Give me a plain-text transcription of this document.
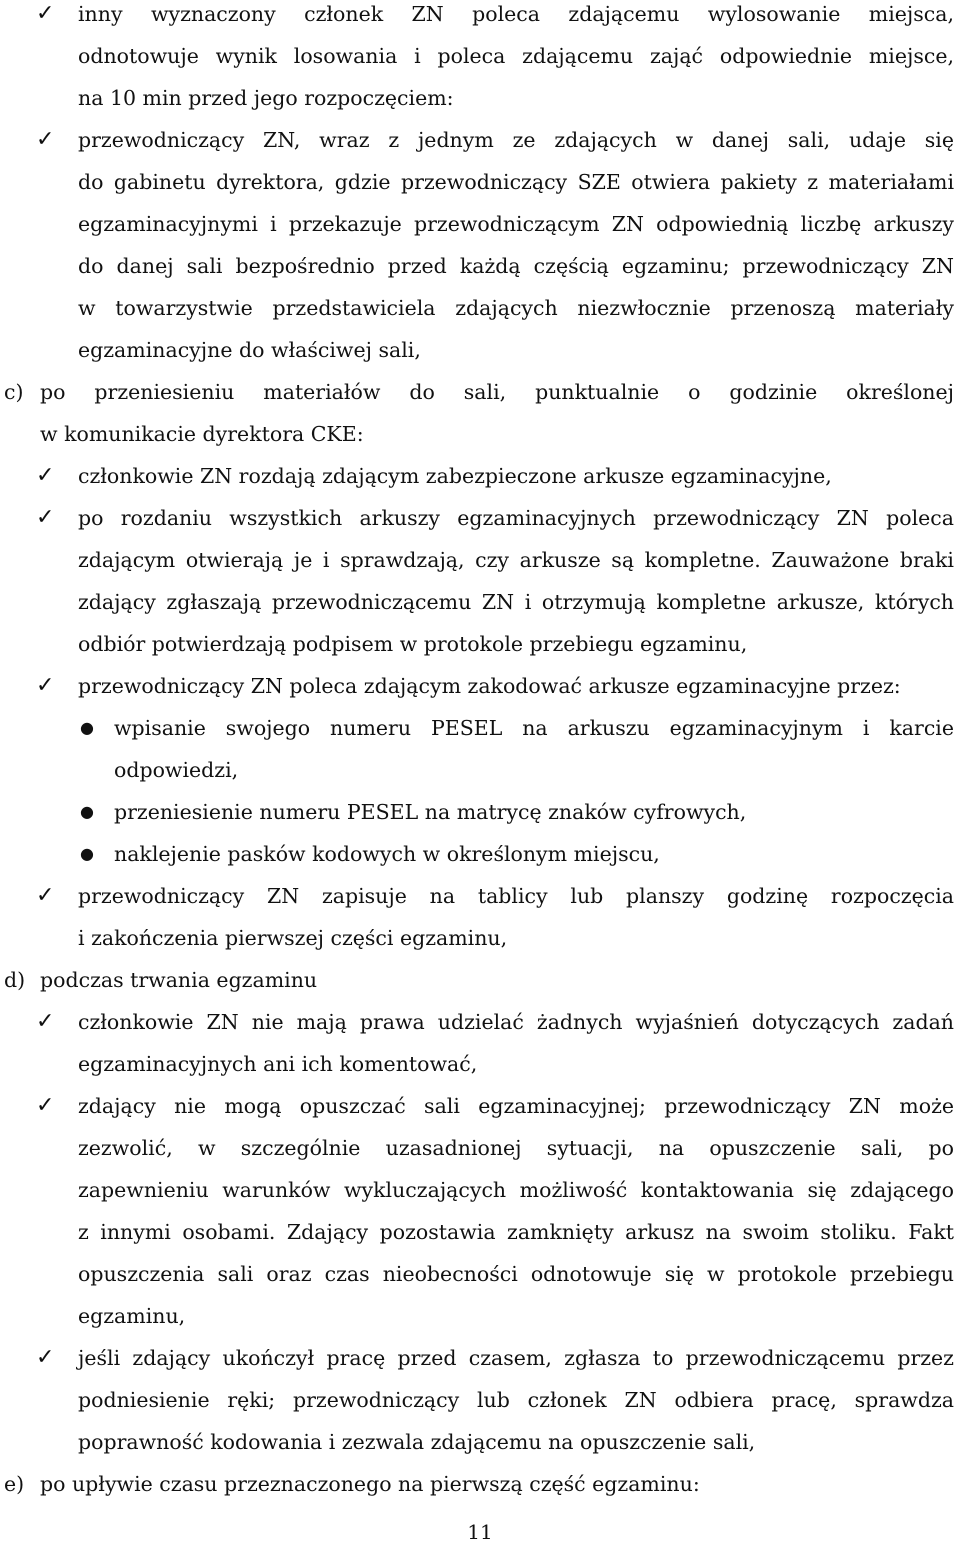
✓ inny wyznaczony członek ZN poleca zdającemu wylosowanie miejsca,
odnotowuje wynik losowania i poleca zdającemu zająć odpowiednie miejsce,
na 10 min przed jego rozpoczęciem:
✓ przewodniczący ZN, wraz z jednym ze zdających w danej sali, udaje się
do gabinetu dyrektora, gdzie przewodniczący SZE otwiera pakiety z materiałami
egzaminacyjnymi i przekazuje przewodniczącym ZN odpowiednią liczbę arkuszy
do danej sali bezpośrednio przed każdą częścią egzaminu; przewodniczący ZN
w towarzystwie przedstawiciela zdających niezwłocznie przenoszą materiały
egzaminacyjne do właściwej sali,
c) po przeniesieniu materiałów do sali, punktualnie o godzinie określonej
w komunikacie dyrektora CKE:
✓ członkowie ZN rozdają zdającym zabezpieczone arkusze egzaminacyjne,
✓ po rozdaniu wszystkich arkuszy egzaminacyjnych przewodniczący ZN poleca
zdającym otwierają je i sprawdzają, czy arkusze są kompletne. Zauważone braki
zdający zgłaszają przewodniczącemu ZN i otrzymują kompletne arkusze, których
odbiór potwierdzają podpisem w protokole przebiegu egzaminu,
✓ przewodniczący ZN poleca zdającym zakodować arkusze egzaminacyjne przez:
● wpisanie swojego numeru PESEL na arkuszu egzaminacyjnym i karcie
odpowiedzi,
● przeniesienie numeru PESEL na matrycę znaków cyfrowych,
● naklejenie pasków kodowych w określonym miejscu,
✓ przewodniczący ZN zapisuje na tablicy lub planszy godzinę rozpoczęcia
i zakończenia pierwszej części egzaminu,
d) podczas trwania egzaminu
✓ członkowie ZN nie mają prawa udzielać żadnych wyjaśnień dotyczących zadań
egzaminacyjnych ani ich komentować,
✓ zdający nie mogą opuszczać sali egzaminacyjnej; przewodniczący ZN może
zezwolić, w szczególnie uzasadnionej sytuacji, na opuszczenie sali, po
zapewnieniu warunków wykluczających możliwość kontaktowania się zdającego
z innymi osobami. Zdający pozostawia zamknięty arkusz na swoim stoliku. Fakt
opuszczenia sali oraz czas nieobecności odnotowuje się w protokole przebiegu
egzaminu,
✓ jeśli zdający ukończył pracę przed czasem, zgłasza to przewodniczącemu przez
podniesienie ręki; przewodniczący lub członek ZN odbiera pracę, sprawdza
poprawność kodowania i zezwala zdającemu na opuszczenie sali,
e) po upływie czasu przeznaczonego na pierwszą część egzaminu:
11
